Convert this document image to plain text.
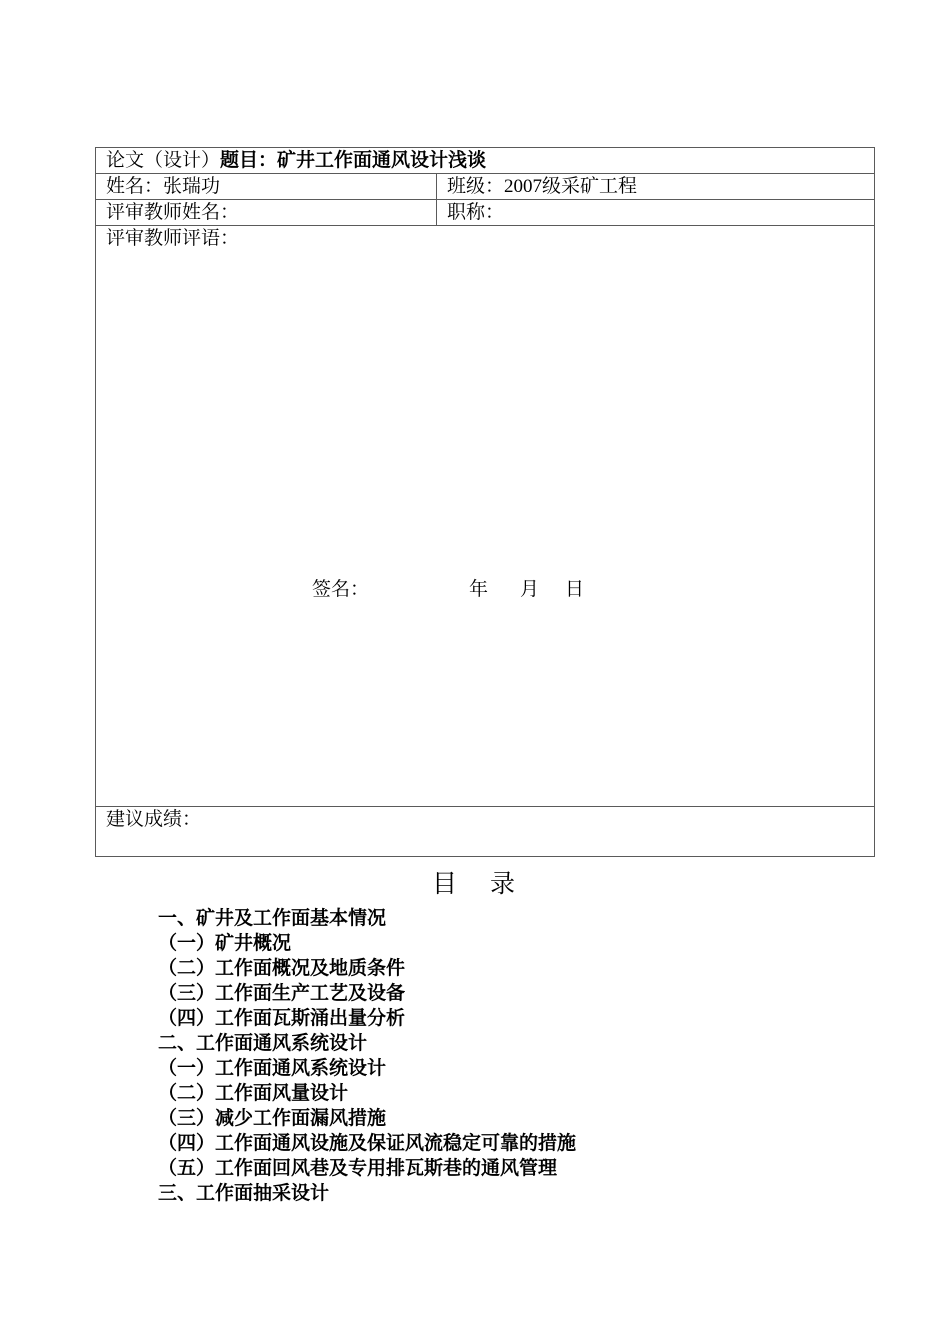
论文（设计）题目：矿井工作面通风设计浅谈
姓名：张瑞功	班级：2007级采矿工程
评审教师姓名：	职称：
评审教师评语：
签名：	年 月 日
建议成绩：
目 录
一、矿井及工作面基本情况
（一）矿井概况
（二）工作面概况及地质条件
（三）工作面生产工艺及设备
（四）工作面瓦斯涌出量分析
二、工作面通风系统设计
（一）工作面通风系统设计
（二）工作面风量设计
（三）减少工作面漏风措施
（四）工作面通风设施及保证风流稳定可靠的措施
（五）工作面回风巷及专用排瓦斯巷的通风管理
三、工作面抽采设计
